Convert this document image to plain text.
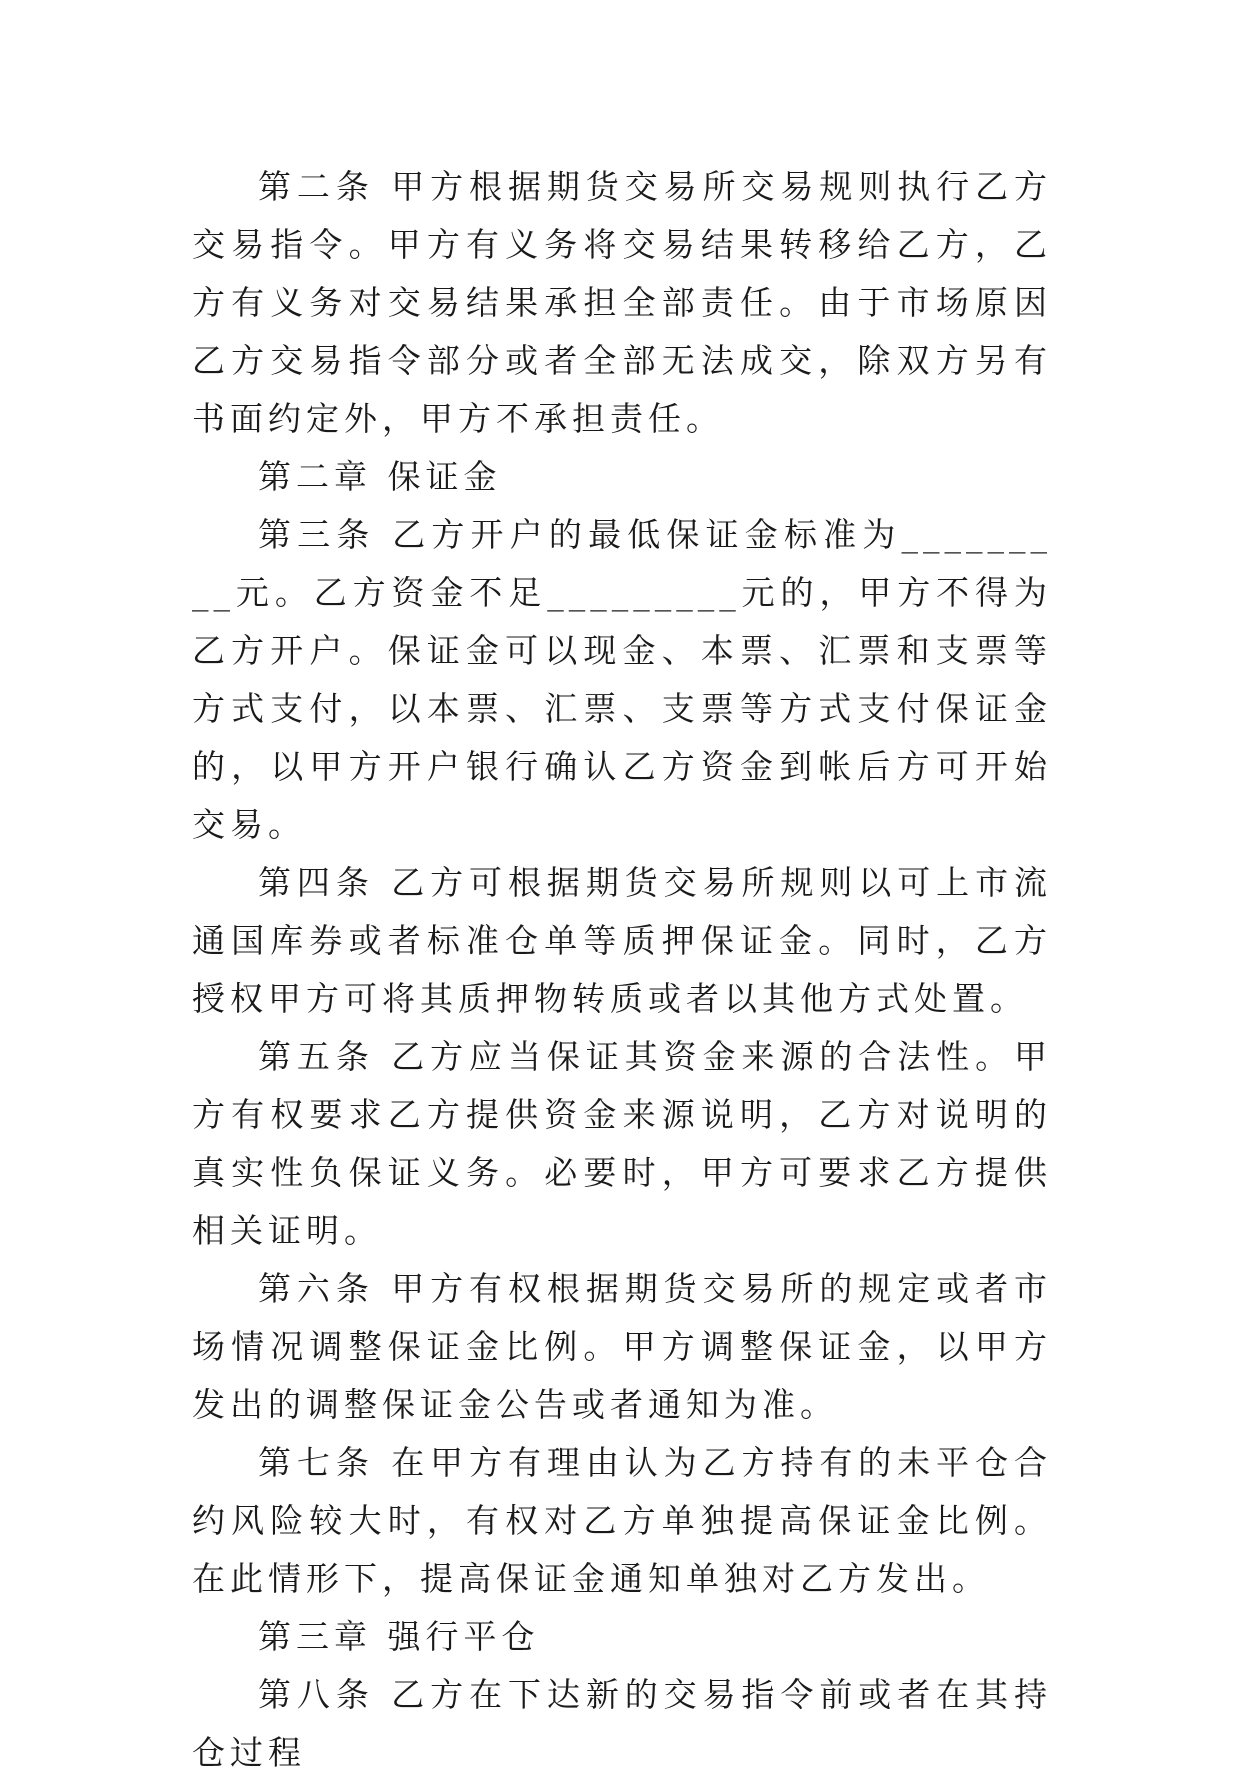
第二条 甲方根据期货交易所交易规则执行乙方交易指令。甲方有义务将交易结果转移给乙方，乙方有义务对交易结果承担全部责任。由于市场原因乙方交易指令部分或者全部无法成交，除双方另有书面约定外，甲方不承担责任。

第二章 保证金

第三条 乙方开户的最低保证金标准为_________元。乙方资金不足_________元的，甲方不得为乙方开户。保证金可以现金、本票、汇票和支票等方式支付，以本票、汇票、支票等方式支付保证金的，以甲方开户银行确认乙方资金到帐后方可开始交易。

第四条 乙方可根据期货交易所规则以可上市流通国库券或者标准仓单等质押保证金。同时，乙方授权甲方可将其质押物转质或者以其他方式处置。

第五条 乙方应当保证其资金来源的合法性。甲方有权要求乙方提供资金来源说明，乙方对说明的真实性负保证义务。必要时，甲方可要求乙方提供相关证明。

第六条 甲方有权根据期货交易所的规定或者市场情况调整保证金比例。甲方调整保证金，以甲方发出的调整保证金公告或者通知为准。

第七条 在甲方有理由认为乙方持有的未平仓合约风险较大时，有权对乙方单独提高保证金比例。在此情形下，提高保证金通知单独对乙方发出。

第三章 强行平仓

第八条 乙方在下达新的交易指令前或者在其持仓过程
